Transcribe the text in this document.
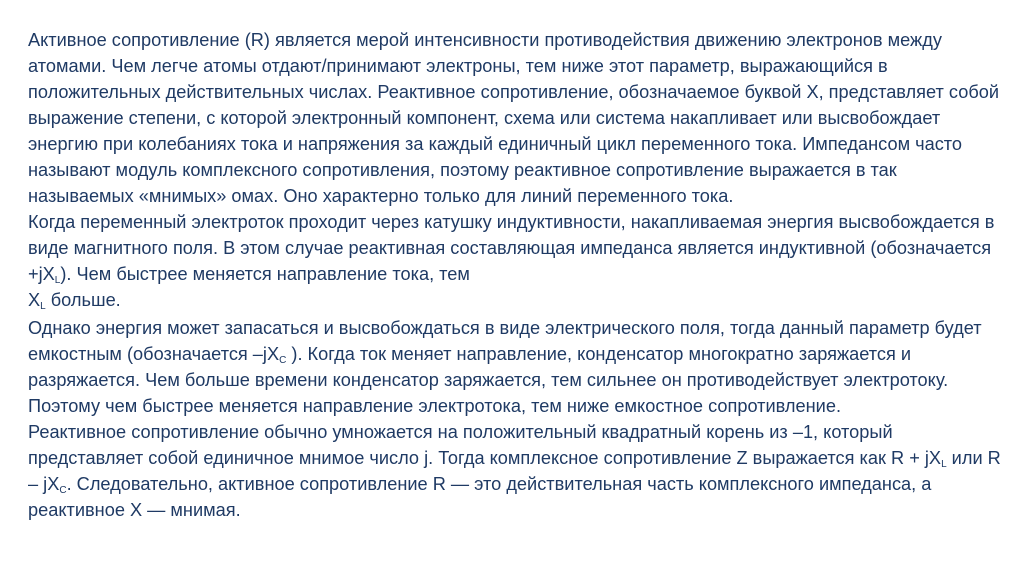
Активное сопротивление (R) является мерой интенсивности противодействия движению электронов между атомами. Чем легче атомы отдают/принимают электроны, тем ниже этот параметр, выражающийся в положительных действительных числах. Реактивное сопротивление, обозначаемое буквой X, представляет собой выражение степени, с которой электронный компонент, схема или система накапливает или высвобождает энергию при колебаниях тока и напряжения за каждый единичный цикл переменного тока. Импедансом часто называют модуль комплексного сопротивления, поэтому реактивное сопротивление выражается в так называемых «мнимых» омах. Оно характерно только для линий переменного тока.

Когда переменный электроток проходит через катушку индуктивности, накапливаемая энергия высвобождается в виде магнитного поля. В этом случае реактивная составляющая импеданса является индуктивной (обозначается $+jX_L$). Чем быстрее меняется направление тока, тем
$X_L$ больше.

Однако энергия может запасаться и высвобождаться в виде электрического поля, тогда данный параметр будет емкостным (обозначается $-jX_C$ ). Когда ток меняет направление, конденсатор многократно заряжается и разряжается. Чем больше времени конденсатор заряжается, тем сильнее он противодействует электротоку. Поэтому чем быстрее меняется направление электротока, тем ниже емкостное сопротивление.

Реактивное сопротивление обычно умножается на положительный квадратный корень из –1, который представляет собой единичное мнимое число j. Тогда комплексное сопротивление Z выражается как $R + jX_L$ или R – $jX_C$. Следовательно, активное сопротивление R — это действительная часть комплексного импеданса, а реактивное X — мнимая.
